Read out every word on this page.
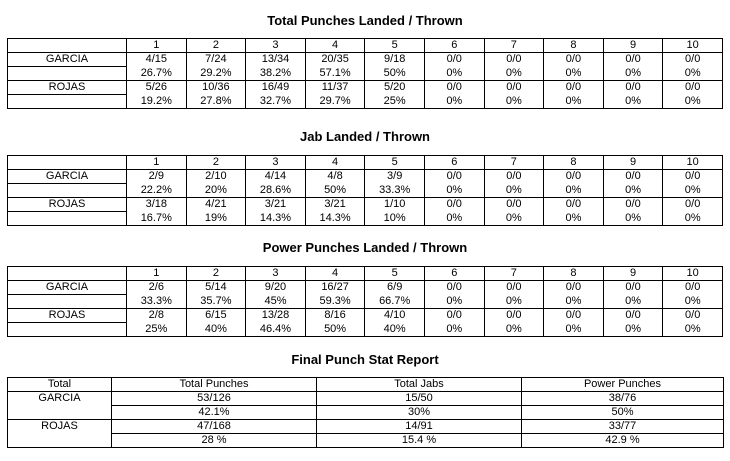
Total Punches Landed / Thrown
	1	2	3	4	5	6	7	8	9	10
GARCIA	4/15	7/24	13/34	20/35	9/18	0/0	0/0	0/0	0/0	0/0
	26.7%	29.2%	38.2%	57.1%	50%	0%	0%	0%	0%	0%
ROJAS	5/26	10/36	16/49	11/37	5/20	0/0	0/0	0/0	0/0	0/0
	19.2%	27.8%	32.7%	29.7%	25%	0%	0%	0%	0%	0%
Jab Landed / Thrown
	1	2	3	4	5	6	7	8	9	10
GARCIA	2/9	2/10	4/14	4/8	3/9	0/0	0/0	0/0	0/0	0/0
	22.2%	20%	28.6%	50%	33.3%	0%	0%	0%	0%	0%
ROJAS	3/18	4/21	3/21	3/21	1/10	0/0	0/0	0/0	0/0	0/0
	16.7%	19%	14.3%	14.3%	10%	0%	0%	0%	0%	0%
Power Punches Landed / Thrown
	1	2	3	4	5	6	7	8	9	10
GARCIA	2/6	5/14	9/20	16/27	6/9	0/0	0/0	0/0	0/0	0/0
	33.3%	35.7%	45%	59.3%	66.7%	0%	0%	0%	0%	0%
ROJAS	2/8	6/15	13/28	8/16	4/10	0/0	0/0	0/0	0/0	0/0
	25%	40%	46.4%	50%	40%	0%	0%	0%	0%	0%
Final Punch Stat Report
Total	Total Punches	Total Jabs	Power Punches
GARCIA	53/126	15/50	38/76
	42.1%	30%	50%
ROJAS	47/168	14/91	33/77
	28 %	15.4 %	42.9 %
